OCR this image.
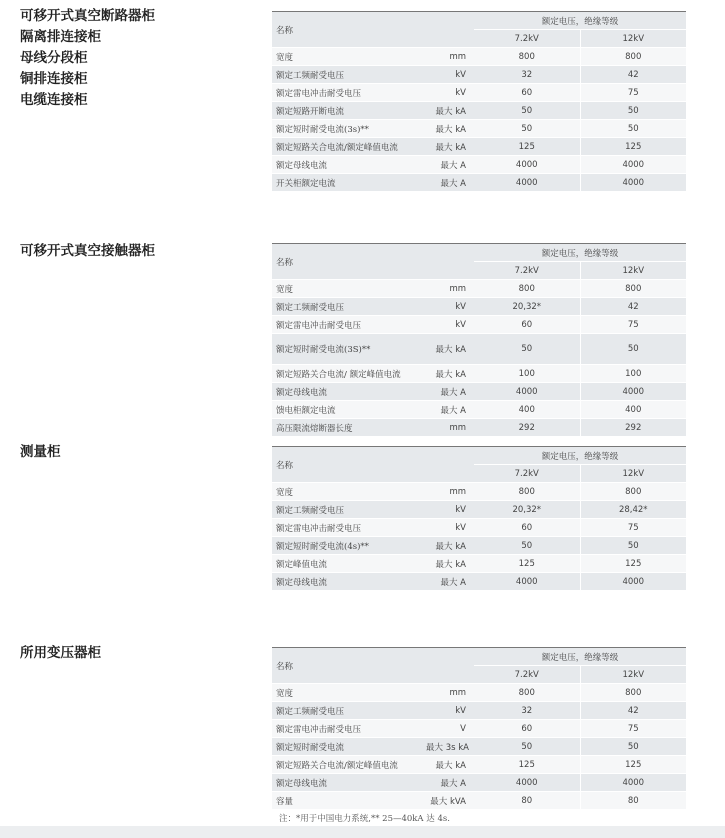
可移开式真空断路器柜
隔离排连接柜
母线分段柜
铜排连接柜
电缆连接柜
名称		额定电压，绝缘等级	
		7.2kV	12kV
宽度	mm	800	800
额定工频耐受电压	kV	32	42
额定雷电冲击耐受电压	kV	60	75
额定短路开断电流	最大 kA	50	50
额定短时耐受电流(3s)**	最大 kA	50	50
额定短路关合电流/额定峰值电流	最大 kA	125	125
额定母线电流	最大 A	4000	4000
开关柜额定电流	最大 A	4000	4000
可移开式真空接触器柜
名称		额定电压，绝缘等级	
		7.2kV	12kV
宽度	mm	800	800
额定工频耐受电压	kV	20,32*	42
额定雷电冲击耐受电压	kV	60	75
额定短时耐受电流(3S)**	最大 kA	50	50
额定短路关合电流/ 额定峰值电流	最大 kA	100	100
额定母线电流	最大 A	4000	4000
馈电柜额定电流	最大 A	400	400
高压限流熔断器长度	mm	292	292
测量柜
名称		额定电压，绝缘等级	
		7.2kV	12kV
宽度	mm	800	800
额定工频耐受电压	kV	20,32*	28,42*
额定雷电冲击耐受电压	kV	60	75
额定短时耐受电流(4s)**	最大 kA	50	50
额定峰值电流	最大 kA	125	125
额定母线电流	最大 A	4000	4000
所用变压器柜
名称		额定电压，绝缘等级	
		7.2kV	12kV
宽度	mm	800	800
额定工频耐受电压	kV	32	42
额定雷电冲击耐受电压	V	60	75
额定短时耐受电流	最大 3s kA	50	50
额定短路关合电流/额定峰值电流	最大 kA	125	125
额定母线电流	最大 A	4000	4000
容量	最大 kVA	80	80
注：*用于中国电力系统,** 25—40kA 达 4s.
